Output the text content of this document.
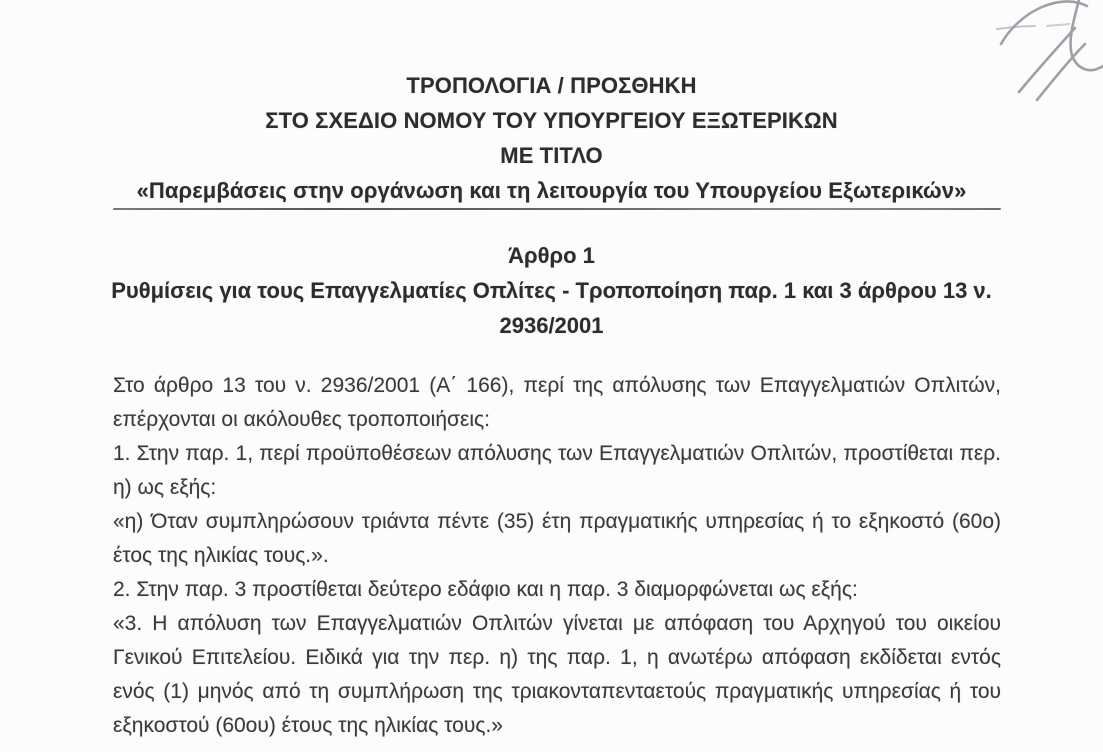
ΤΡΟΠΟΛΟΓΙΑ / ΠΡΟΣΘΗΚΗ
ΣΤΟ ΣΧΕΔΙΟ ΝΟΜΟΥ ΤΟΥ ΥΠΟΥΡΓΕΙΟΥ ΕΞΩΤΕΡΙΚΩΝ
ΜΕ ΤΙΤΛΟ
«Παρεμβάσεις στην οργάνωση και τη λειτουργία του Υπουργείου Εξωτερικών»
Άρθρο 1
Ρυθμίσεις για τους Επαγγελματίες Οπλίτες - Τροποποίηση παρ. 1 και 3 άρθρου 13 ν.
2936/2001
Στο άρθρο 13 του ν. 2936/2001 (Α΄ 166), περί της απόλυσης των Επαγγελματιών Οπλιτών,
επέρχονται οι ακόλουθες τροποποιήσεις:
1. Στην παρ. 1, περί προϋποθέσεων απόλυσης των Επαγγελματιών Οπλιτών, προστίθεται περ.
η) ως εξής:
«η) Όταν συμπληρώσουν τριάντα πέντε (35) έτη πραγματικής υπηρεσίας ή το εξηκοστό (60ο)
έτος της ηλικίας τους.».
2. Στην παρ. 3 προστίθεται δεύτερο εδάφιο και η παρ. 3 διαμορφώνεται ως εξής:
«3. Η απόλυση των Επαγγελματιών Οπλιτών γίνεται με απόφαση του Αρχηγού του οικείου
Γενικού Επιτελείου. Ειδικά για την περ. η) της παρ. 1, η ανωτέρω απόφαση εκδίδεται εντός
ενός (1) μηνός από τη συμπλήρωση της τριακονταπενταετούς πραγματικής υπηρεσίας ή του
εξηκοστού (60ου) έτους της ηλικίας τους.»
